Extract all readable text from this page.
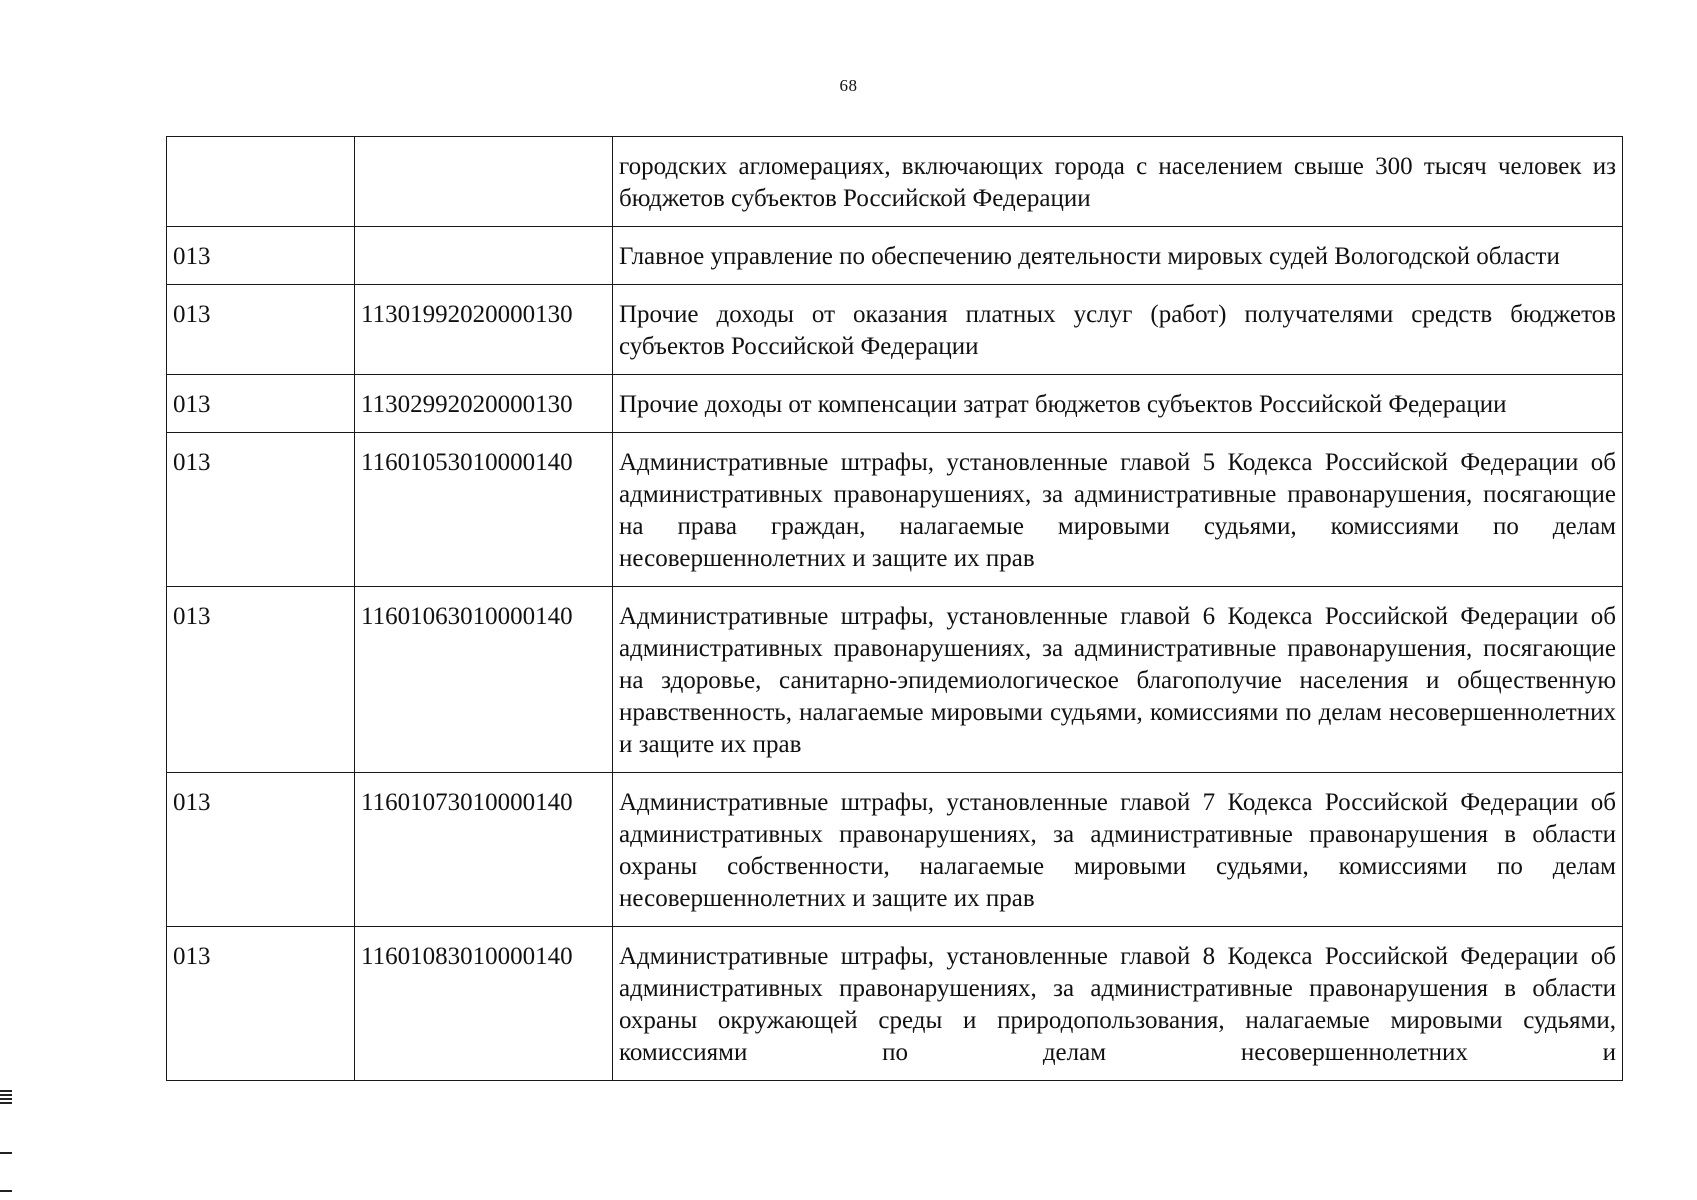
68
		городских агломерациях, включающих города с населением свыше 300 тысяч человек из бюджетов субъектов Российской Федерации
013		Главное управление по обеспечению деятельности мировых судей Вологодской области
013	11301992020000130	Прочие доходы от оказания платных услуг (работ) получателями средств бюджетов субъектов Российской Федерации
013	11302992020000130	Прочие доходы от компенсации затрат бюджетов субъектов Российской Федерации
013	11601053010000140	Административные штрафы, установленные главой 5 Кодекса Российской Федерации об административных правонарушениях, за административные правонарушения, посягающие на права граждан, налагаемые мировыми судьями, комиссиями по делам несовершеннолетних и защите их прав
013	11601063010000140	Административные штрафы, установленные главой 6 Кодекса Российской Федерации об административных правонарушениях, за административные правонарушения, посягающие на здоровье, санитарно-эпидемиологическое благополучие населения и общественную нравственность, налагаемые мировыми судьями, комиссиями по делам несовершеннолетних и защите их прав
013	11601073010000140	Административные штрафы, установленные главой 7 Кодекса Российской Федерации об административных правонарушениях, за административные правонарушения в области охраны собственности, налагаемые мировыми судьями, комиссиями по делам несовершеннолетних и защите их прав
013	11601083010000140	Административные штрафы, установленные главой 8 Кодекса Российской Федерации об административных правонарушениях, за административные правонарушения в области охраны окружающей среды и природопользования, налагаемые мировыми судьями, комиссиями по делам несовершеннолетних и
